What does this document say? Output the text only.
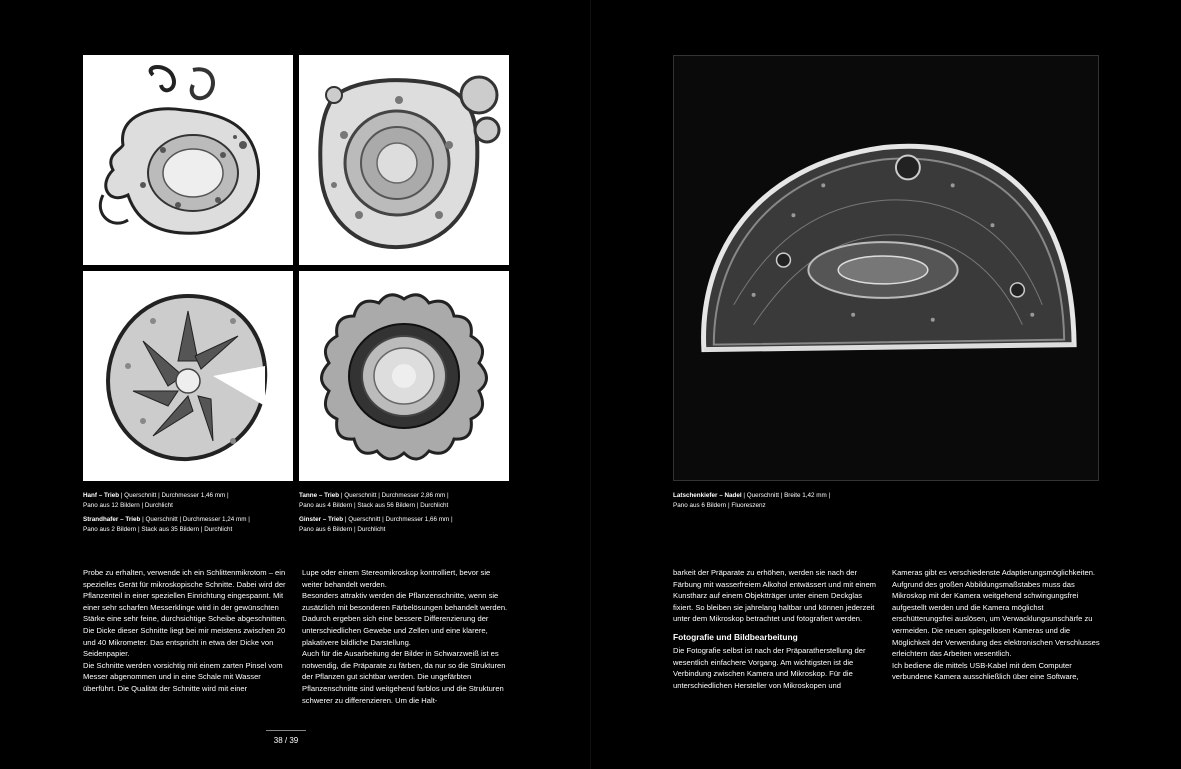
Hanf – Trieb | Querschnitt | Durchmesser 1,46 mm |
Pano aus 12 Bildern | Durchlicht
Strandhafer – Trieb | Querschnitt | Durchmesser 1,24 mm |
Pano aus 2 Bildern | Stack aus 35 Bildern | Durchlicht
Tanne – Trieb | Querschnitt | Durchmesser 2,86 mm |
Pano aus 4 Bildern | Stack aus 56 Bildern | Durchlicht
Ginster – Trieb | Querschnitt | Durchmesser 1,66 mm |
Pano aus 6 Bildern | Durchlicht

Probe zu erhalten, verwende ich ein Schlittenmikrotom – ein spezielles Gerät für mikroskopische Schnitte. Dabei wird der Pflanzenteil in einer speziellen Einrichtung eingespannt. Mit einer sehr scharfen Messerklinge wird in der gewünschten Stärke eine sehr feine, durchsichtige Scheibe abgeschnitten. Die Dicke dieser Schnitte liegt bei mir meistens zwischen 20 und 40 Mikrometer. Das entspricht in etwa der Dicke von Seidenpapier.

Die Schnitte werden vorsichtig mit einem zarten Pinsel vom Messer abgenommen und in eine Schale mit Wasser überführt. Die Qualität der Schnitte wird mit einer

Lupe oder einem Stereomikroskop kontrolliert, bevor sie weiter behandelt werden.

Besonders attraktiv werden die Pflanzenschnitte, wenn sie zusätzlich mit besonderen Färbelösungen behandelt werden. Dadurch ergeben sich eine bessere Differenzierung der unterschiedlichen Gewebe und Zellen und eine klarere, plakativere bildliche Darstellung.

Auch für die Ausarbeitung der Bilder in Schwarzweiß ist es notwendig, die Präparate zu färben, da nur so die Strukturen der Pflanzen gut sichtbar werden. Die ungefärbten Pflanzenschnitte sind weitgehend farblos und die Strukturen schwerer zu differenzieren. Um die Halt-

38 / 39
Latschenkiefer – Nadel | Querschnitt | Breite 1,42 mm |
Pano aus 6 Bildern | Fluoreszenz

barkeit der Präparate zu erhöhen, werden sie nach der Färbung mit wasserfreiem Alkohol entwässert und mit einem Kunstharz auf einem Objektträger unter einem Deckglas fixiert. So bleiben sie jahrelang haltbar und können jederzeit unter dem Mikroskop betrachtet und fotografiert werden.

Fotografie und Bildbearbeitung

Die Fotografie selbst ist nach der Präparatherstellung der wesentlich einfachere Vorgang. Am wichtigsten ist die Verbindung zwischen Kamera und Mikroskop. Für die unterschiedlichen Hersteller von Mikroskopen und

Kameras gibt es verschiedenste Adaptierungsmöglichkeiten.

Aufgrund des großen Abbildungsmaßstabes muss das Mikroskop mit der Kamera weitgehend schwingungsfrei aufgestellt werden und die Kamera möglichst erschütterungsfrei auslösen, um Verwacklungsunschärfe zu vermeiden. Die neuen spiegellosen Kameras und die Möglichkeit der Verwendung des elektronischen Verschlusses erleichtern das Arbeiten wesentlich.

Ich bediene die mittels USB-Kabel mit dem Computer verbundene Kamera ausschließlich über eine Software,
